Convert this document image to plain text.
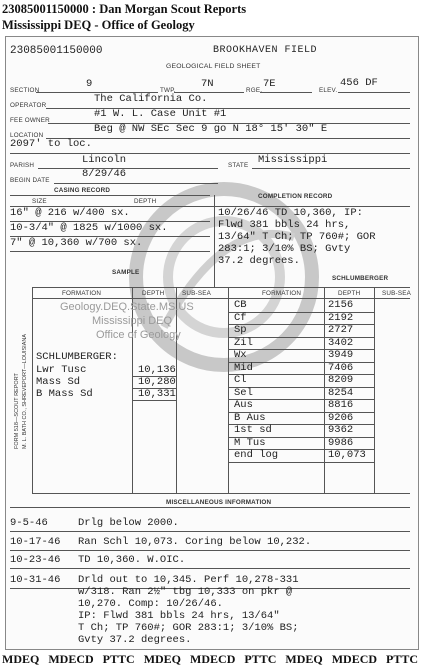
23085001150000 : Dan Morgan Scout Reports
Mississippi DEQ - Office of Geology
23085001150000	BROOKHAVEN FIELD
GEOLOGICAL FIELD SHEET
SECTION
9
TWP.
7N
RGE.
7E
ELEV.
456 DF
OPERATOR
The California Co.
FEE OWNER
#1 W. L. Case Unit #1
LOCATION
Beg @ NW SEc Sec 9 go N 18° 15' 30" E
2097' to loc.
PARISH	Lincoln	STATE Mississippi
BEGIN DATE
8/29/46
CASING RECORD
COMPLETION RECORD
SIZE	DEPTH
16" @ 216 w/400 sx.
10-3/4" @ 1825 w/1000 sx.
7" @ 10,360 w/700 sx.
10/26/46 TD 10,360, IP:
Flwd 381 bbls 24 hrs,
13/64" T Ch; TP 760#; GOR
283:1; 3/10% BS; Gvty
37.2 degrees.
SAMPLE
SCHLUMBERGER
FORMATION	DEPTH	SUB-SEA	FORMATION	DEPTH	SUB-SEA
SCHLUMBERGER:
Lwr Tusc	10,136
Mass Sd	10,280
B Mass Sd	10,331
CB	2156
Cf	2192
Sp	2727
Zil	3402
Wx	3949
Mid	7406
Cl	8209
Sel	8254
Aus	8816
B Aus	9206
1st sd	9362
M Tus	9986
end log	10,073
Geology.DEQ.State.MS.US
Mississippi DEQ
Office of Geology
FORM 518—SCOUT REPORT M. L. BATH CO., SHREVEPORT—LOUISIANA
MISCELLANEOUS INFORMATION
9-5-46	Drlg below 2000.
10-17-46 Ran Schl 10,073. Coring below 10,232.
10-23-46 TD 10,360. W.OIC.
10-31-46 Drld out to 10,345. Perf 10,278-331
w/318. Ran 2½" tbg 10,333 on pkr @
10,270. Comp: 10/26/46.
IP: Flwd 381 bbls 24 hrs, 13/64"
T Ch; TP 760#; GOR 283:1; 3/10% BS;
Gvty 37.2 degrees.
MDEQ MDECD PTTC MDEQ MDECD PTTC MDEQ MDECD PTTC
